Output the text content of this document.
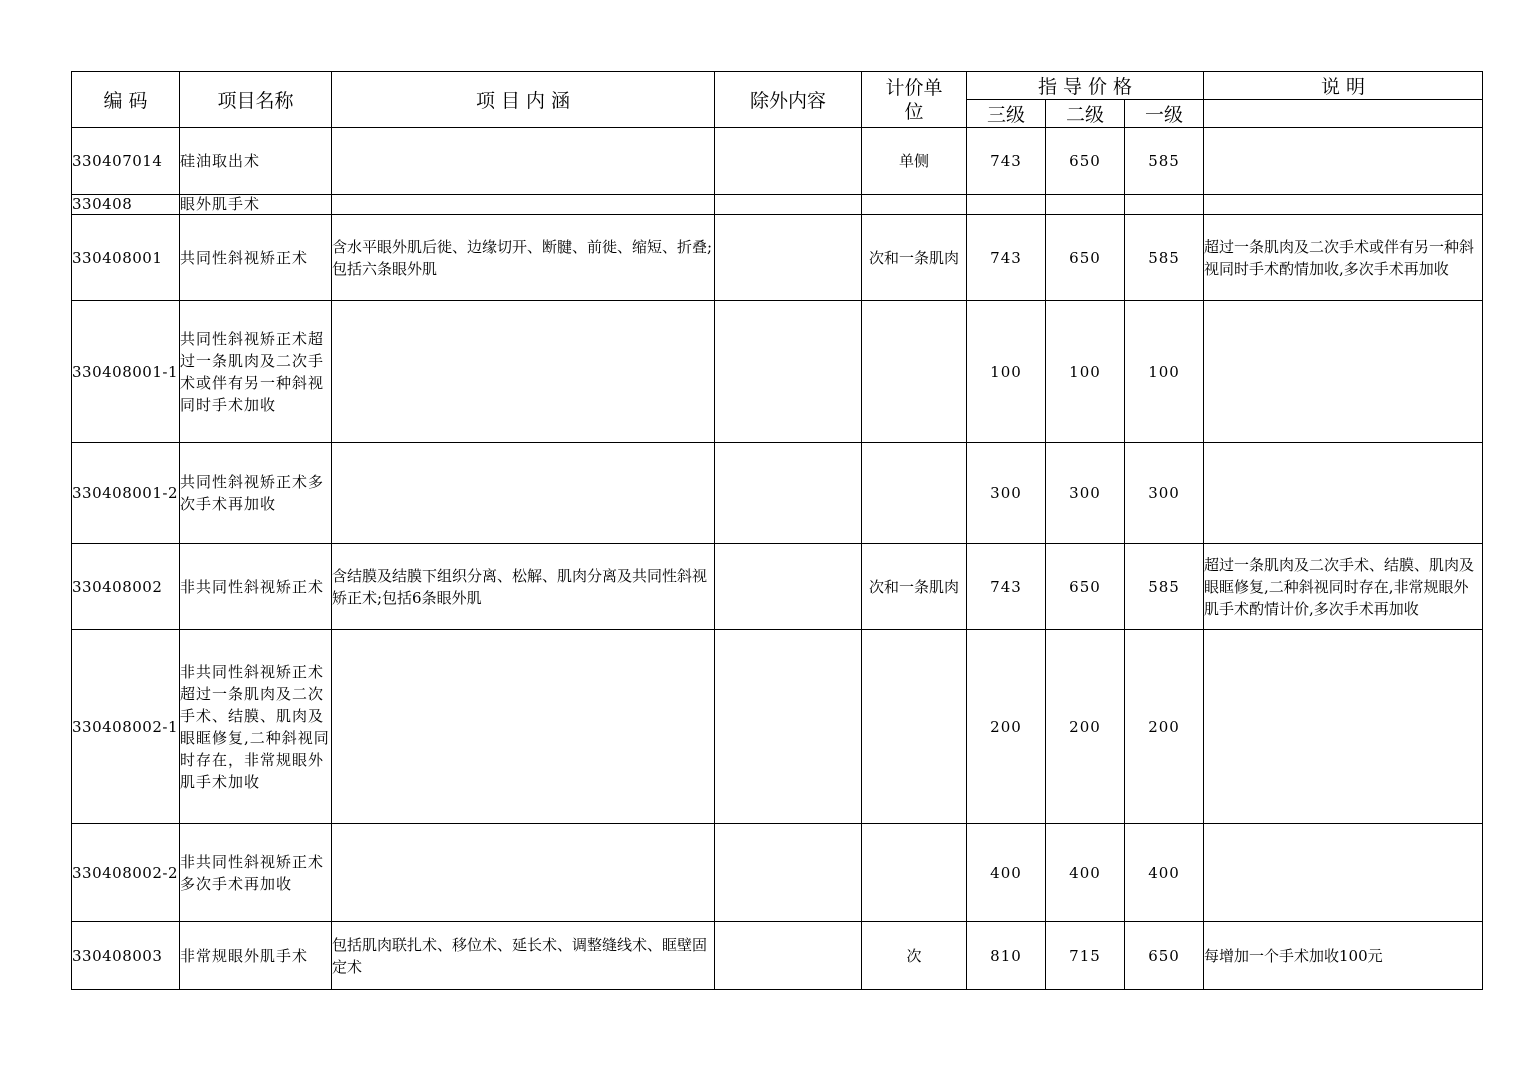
编 码	项目名称	项 目 内 涵	除外内容	计价单位	指 导 价 格			说 明
					三级	二级	一级	
330407014	硅油取出术			单侧	743	650	585	
330408	眼外肌手术							
330408001	共同性斜视矫正术	含水平眼外肌后徙、边缘切开、断腱、前徙、缩短、折叠;包括六条眼外肌		次和一条肌肉	743	650	585	超过一条肌肉及二次手术或伴有另一种斜视同时手术酌情加收,多次手术再加收
330408001-1	共同性斜视矫正术超过一条肌肉及二次手术或伴有另一种斜视同时手术加收				100	100	100	
330408001-2	共同性斜视矫正术多次手术再加收				300	300	300	
330408002	非共同性斜视矫正术	含结膜及结膜下组织分离、松解、肌肉分离及共同性斜视矫正术;包括6条眼外肌		次和一条肌肉	743	650	585	超过一条肌肉及二次手术、结膜、肌肉及眼眶修复,二种斜视同时存在,非常规眼外肌手术酌情计价,多次手术再加收
330408002-1	非共同性斜视矫正术超过一条肌肉及二次手术、结膜、肌肉及眼眶修复,二种斜视同时存在，非常规眼外肌手术加收				200	200	200	
330408002-2	非共同性斜视矫正术多次手术再加收				400	400	400	
330408003	非常规眼外肌手术	包括肌肉联扎术、移位术、延长术、调整缝线术、眶壁固定术		次	810	715	650	每增加一个手术加收100元
